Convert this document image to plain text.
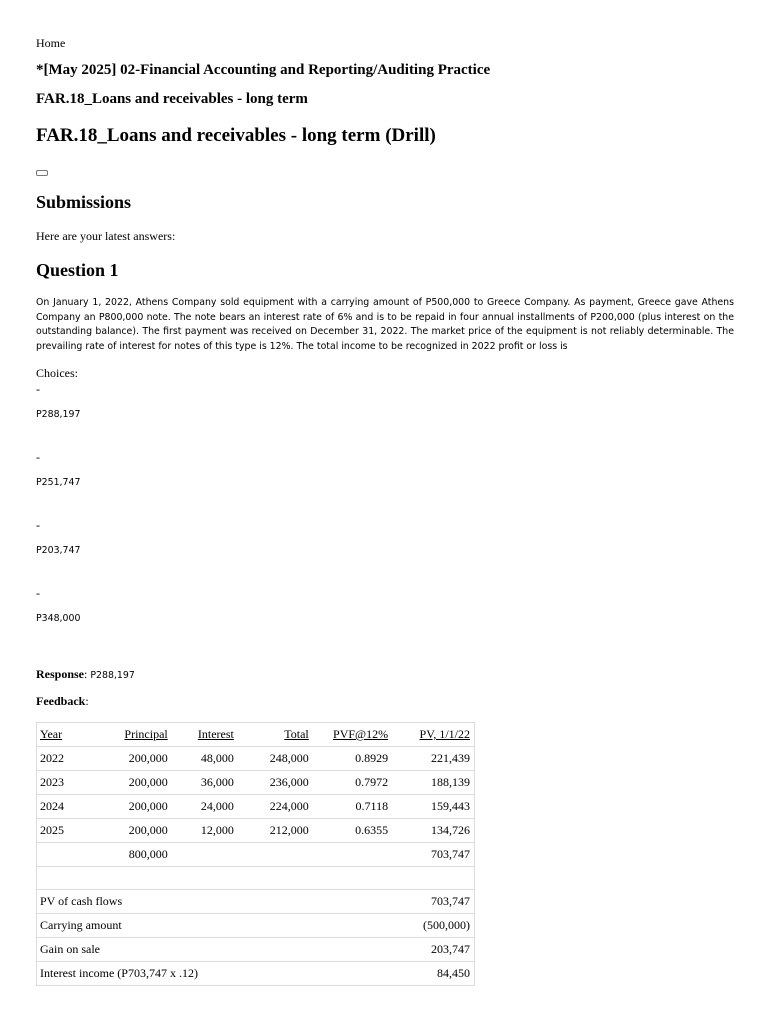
Home
*[May 2025] 02-Financial Accounting and Reporting/Auditing Practice
FAR.18_Loans and receivables - long term
FAR.18_Loans and receivables - long term (Drill)
Submissions
Here are your latest answers:
Question 1
On January 1, 2022, Athens Company sold equipment with a carrying amount of P500,000 to Greece Company. As payment, Greece gave Athens Company an P800,000 note. The note bears an interest rate of 6% and is to be repaid in four annual installments of P200,000 (plus interest on the outstanding balance). The first payment was received on December 31, 2022. The market price of the equipment is not reliably determinable. The prevailing rate of interest for notes of this type is 12%. The total income to be recognized in 2022 profit or loss is
Choices:
-
P288,197
-
P251,747
-
P203,747
-
P348,000
Response: P288,197
Feedback:
Year	Principal	Interest	Total	PVF@12%	PV, 1/1/22
2022	200,000	48,000	248,000	0.8929	221,439
2023	200,000	36,000	236,000	0.7972	188,139
2024	200,000	24,000	224,000	0.7118	159,443
2025	200,000	12,000	212,000	0.6355	134,726
	800,000				703,747

PV of cash flows					703,747
Carrying amount					(500,000)
Gain on sale					203,747
Interest income (P703,747 x .12)					84,450
